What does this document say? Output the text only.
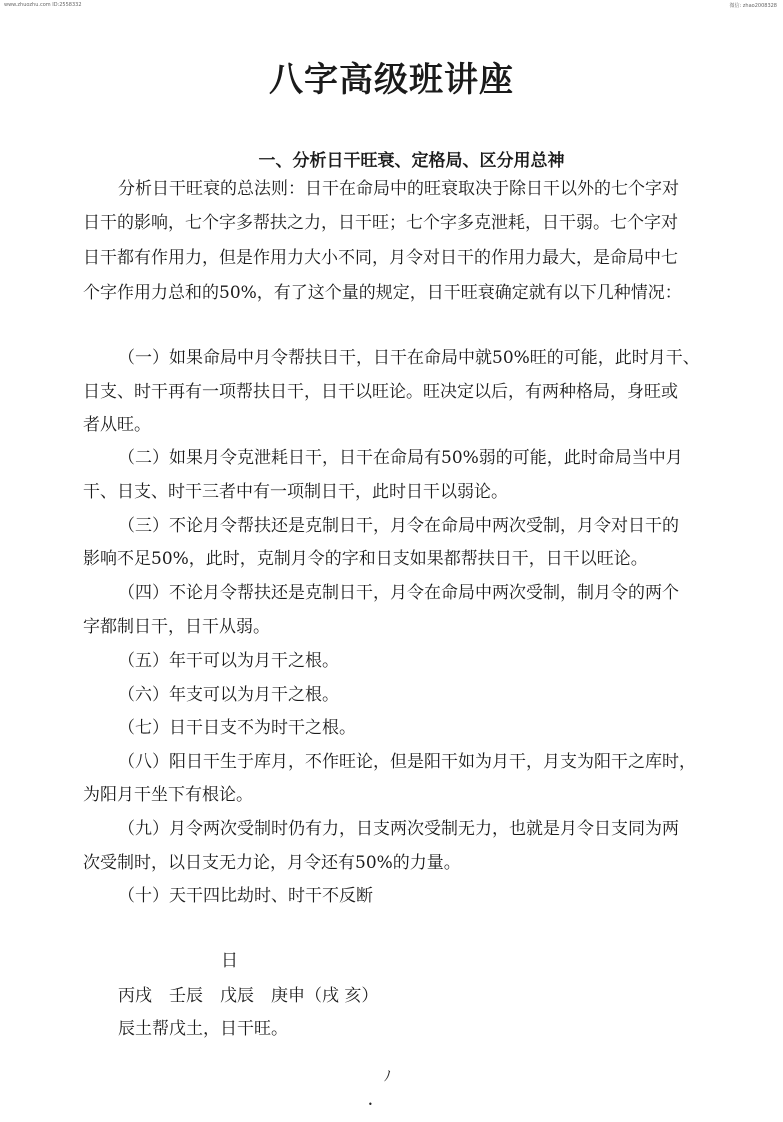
www.zhuozhu.com ID:2558332	微信: zhao2008328
八字高级班讲座
一、分析日干旺衰、定格局、区分用总神
分析日干旺衰的总法则：日干在命局中的旺衰取决于除日干以外的七个字对
日干的影响，七个字多帮扶之力，日干旺；七个字多克泄耗，日干弱。七个字对
日干都有作用力，但是作用力大小不同，月令对日干的作用力最大，是命局中七
个字作用力总和的50%，有了这个量的规定，日干旺衰确定就有以下几种情况：
（一）如果命局中月令帮扶日干，日干在命局中就50%旺的可能，此时月干、
日支、时干再有一项帮扶日干，日干以旺论。旺决定以后，有两种格局，身旺或
者从旺。
（二）如果月令克泄耗日干，日干在命局有50%弱的可能，此时命局当中月
干、日支、时干三者中有一项制日干，此时日干以弱论。
（三）不论月令帮扶还是克制日干，月令在命局中两次受制，月令对日干的
影响不足50%，此时，克制月令的字和日支如果都帮扶日干，日干以旺论。
（四）不论月令帮扶还是克制日干，月令在命局中两次受制，制月令的两个
字都制日干，日干从弱。
（五）年干可以为月干之根。
（六）年支可以为月干之根。
（七）日干日支不为时干之根。
（八）阳日干生于库月，不作旺论，但是阳干如为月干，月支为阳干之库时，
为阳月干坐下有根论。
（九）月令两次受制时仍有力，日支两次受制无力，也就是月令日支同为两
次受制时，以日支无力论，月令还有50%的力量。
（十）天干四比劫时、时干不反断
日
丙戌　壬辰　戊辰　庚申（戌 亥）
辰土帮戊土，日干旺。
ﾉ
•
